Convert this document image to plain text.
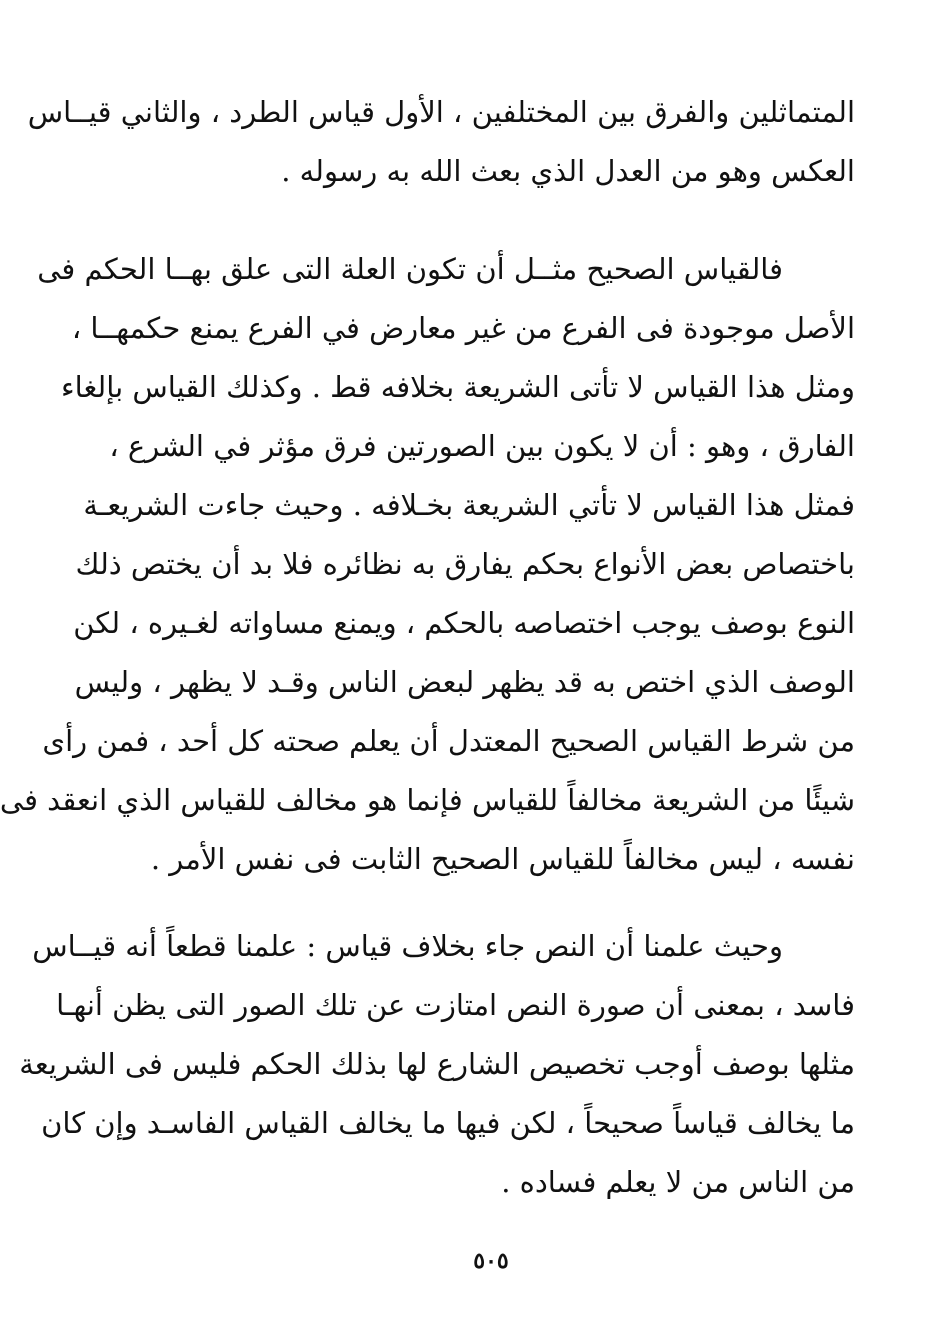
المتماثلين والفرق بين المختلفين ، الأول قياس الطرد ، والثاني قيــاس
العكس وهو من العدل الذي بعث الله به رسوله .
فالقياس الصحيح مثــل أن تكون العلة التى علق بهــا الحكم فى
الأصل موجودة فى الفرع من غير معارض في الفرع يمنع حكمهــا ،
ومثل هذا القياس لا تأتى الشريعة بخلافه قط . وكذلك القياس بإلغاء
الفارق ، وهو : أن لا يكون بين الصورتين فرق مؤثر في الشرع ،
فمثل هذا القياس لا تأتي الشريعة بخـلافه . وحيث جاءت الشريعـة
باختصاص بعض الأنواع بحكم يفارق به نظائره فلا بد أن يختص ذلك
النوع بوصف يوجب اختصاصه بالحكم ، ويمنع مساواته لغـيره ، لكن
الوصف الذي اختص به قد يظهر لبعض الناس وقـد لا يظهر ، وليس
من شرط القياس الصحيح المعتدل أن يعلم صحته كل أحد ، فمن رأى
شيئًا من الشريعة مخالفاً للقياس فإنما هو مخالف للقياس الذي انعقد فى
نفسه ، ليس مخالفاً للقياس الصحيح الثابت فى نفس الأمر .
وحيث علمنا أن النص جاء بخلاف قياس : علمنا قطعاً أنه قيــاس
فاسد ، بمعنى أن صورة النص امتازت عن تلك الصور التى يظن أنهـا
مثلها بوصف أوجب تخصيص الشارع لها بذلك الحكم فليس فى الشريعة
ما يخالف قياساً صحيحاً ، لكن فيها ما يخالف القياس الفاسـد وإن كان
من الناس من لا يعلم فساده .
٥٠٥
